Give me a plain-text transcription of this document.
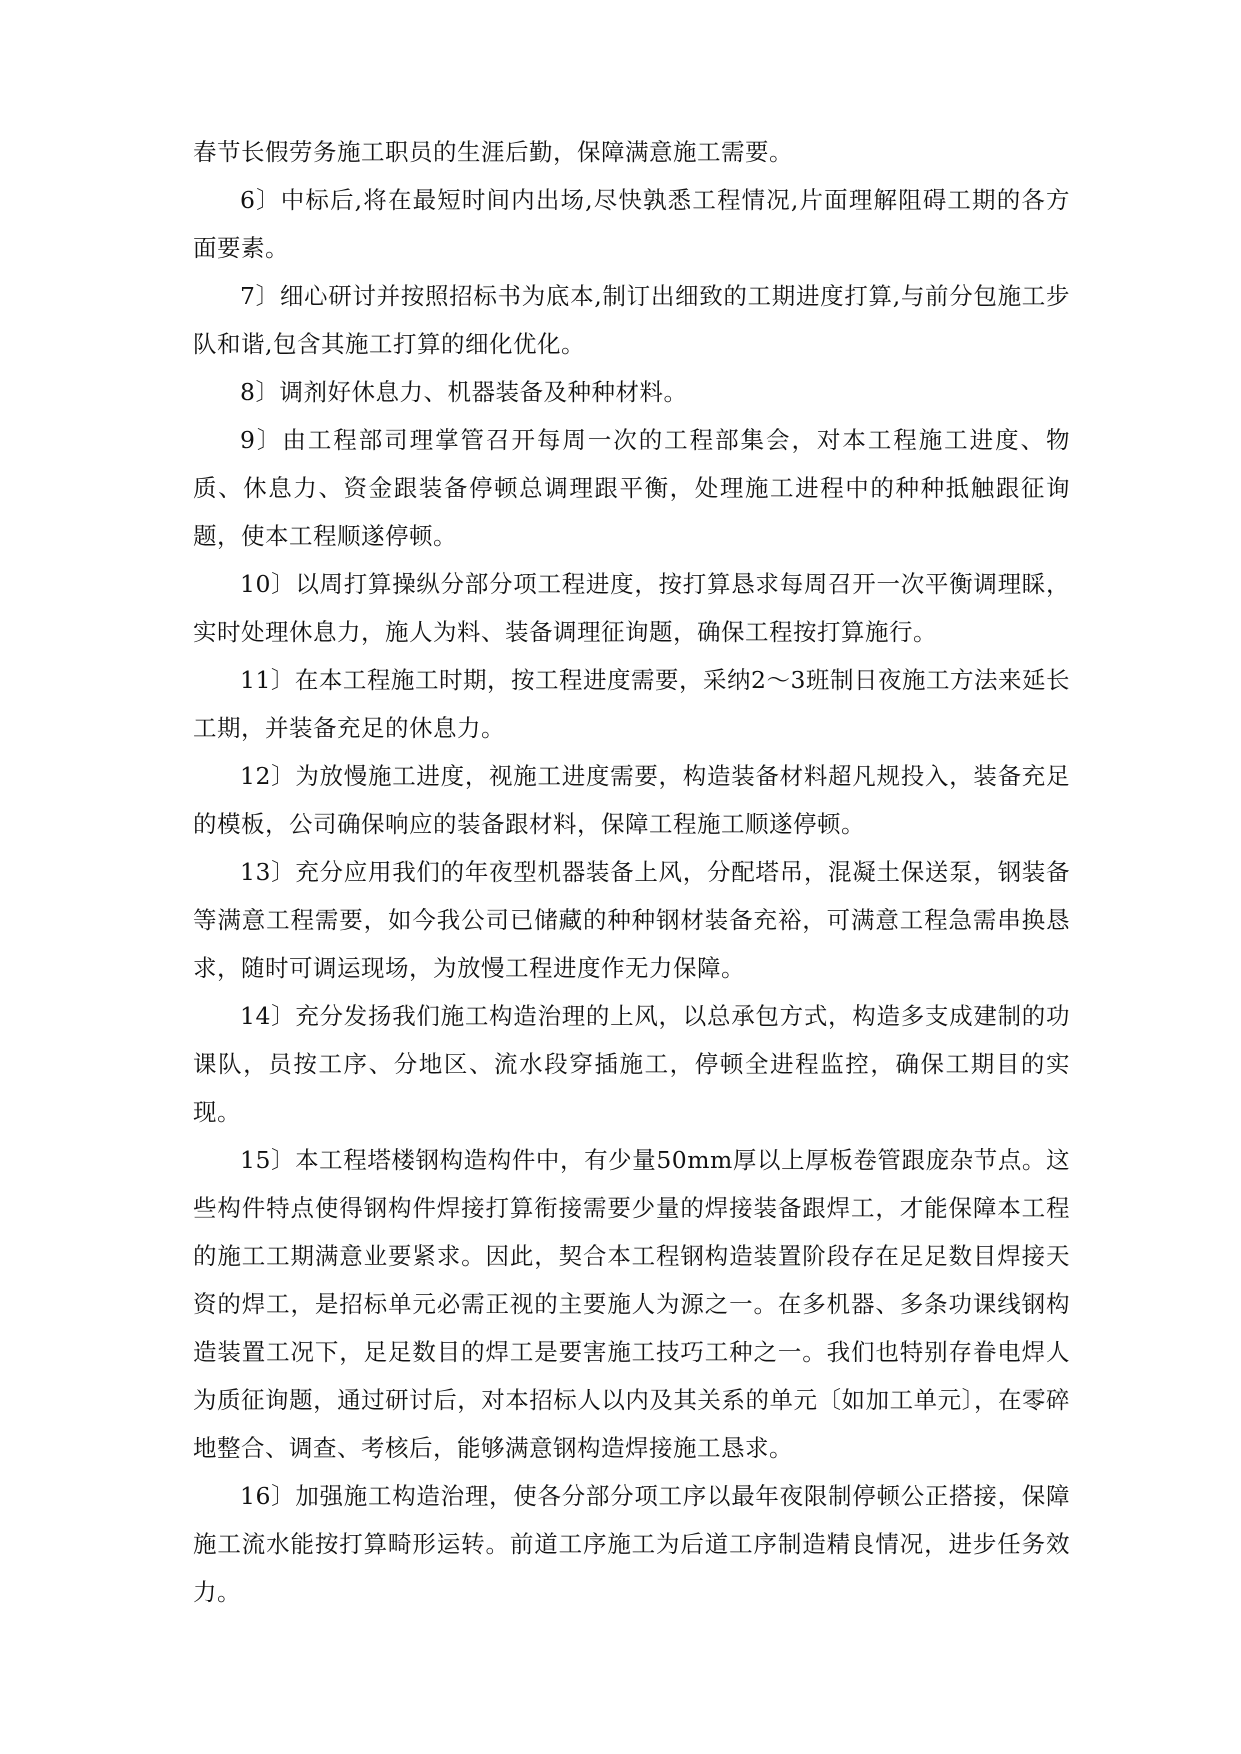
春节长假劳务施工职员的生涯后勤，保障满意施工需要。
6〕中标后,将在最短时间内出场,尽快孰悉工程情况,片面理解阻碍工期的各方面要素。
7〕细心研讨并按照招标书为底本,制订出细致的工期进度打算,与前分包施工步队和谐,包含其施工打算的细化优化。
8〕调剂好休息力、机器装备及种种材料。
9〕由工程部司理掌管召开每周一次的工程部集会，对本工程施工进度、物质、休息力、资金跟装备停顿总调理跟平衡，处理施工进程中的种种抵触跟征询题，使本工程顺遂停顿。
10〕以周打算操纵分部分项工程进度，按打算恳求每周召开一次平衡调理睬，实时处理休息力，施人为料、装备调理征询题，确保工程按打算施行。
11〕在本工程施工时期，按工程进度需要，采纳2～3班制日夜施工方法来延长工期，并装备充足的休息力。
12〕为放慢施工进度，视施工进度需要，构造装备材料超凡规投入，装备充足的模板，公司确保响应的装备跟材料，保障工程施工顺遂停顿。
13〕充分应用我们的年夜型机器装备上风，分配塔吊，混凝土保送泵，钢装备等满意工程需要，如今我公司已储藏的种种钢材装备充裕，可满意工程急需串换恳求，随时可调运现场，为放慢工程进度作无力保障。
14〕充分发扬我们施工构造治理的上风，以总承包方式，构造多支成建制的功课队，员按工序、分地区、流水段穿插施工，停顿全进程监控，确保工期目的实现。
15〕本工程塔楼钢构造构件中，有少量50mm厚以上厚板卷管跟庞杂节点。这些构件特点使得钢构件焊接打算衔接需要少量的焊接装备跟焊工，才能保障本工程的施工工期满意业要紧求。因此，契合本工程钢构造装置阶段存在足足数目焊接天资的焊工，是招标单元必需正视的主要施人为源之一。在多机器、多条功课线钢构造装置工况下，足足数目的焊工是要害施工技巧工种之一。我们也特别存眷电焊人为质征询题，通过研讨后，对本招标人以内及其关系的单元〔如加工单元〕，在零碎地整合、调查、考核后，能够满意钢构造焊接施工恳求。
16〕加强施工构造治理，使各分部分项工序以最年夜限制停顿公正搭接，保障施工流水能按打算畸形运转。前道工序施工为后道工序制造精良情况，进步任务效力。
